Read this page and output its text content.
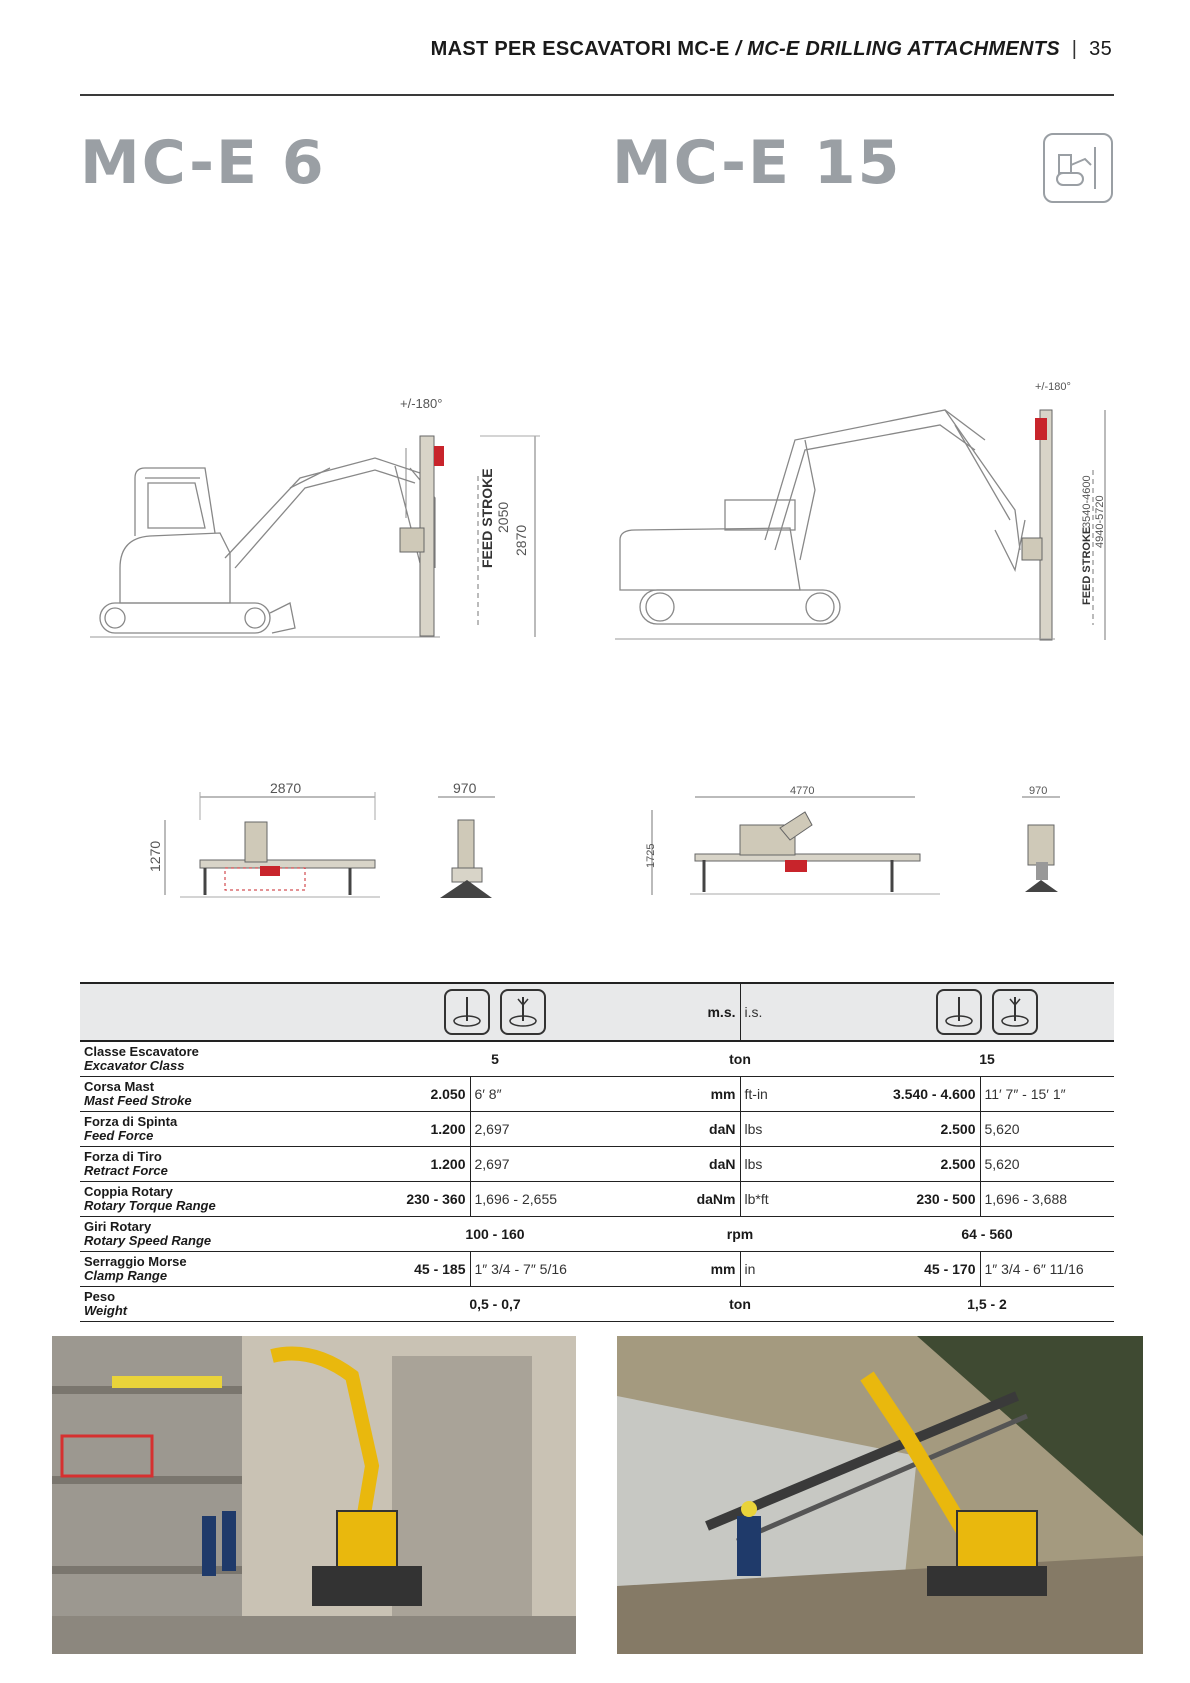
MAST PER ESCAVATORI MC-E / MC-E DRILLING ATTACHMENTS | 35
MC-E 6	MC-E 15
+/-180°
FEED STROKE 2050
2870
+/-180°
FEED STROKE
3540-4600 4940-5720
2870
1270
970	4770
1725
970
		m.s.	i.s.	

Classe Escavatore
Excavator Class	5		ton		15	

Corsa Mast
Mast Feed Stroke	2.050	6′ 8″	mm	ft-in	3.540 - 4.600	11′ 7″ - 15′ 1″

Forza di Spinta
Feed Force	1.200	2,697	daN	lbs	2.500	5,620

Forza di Tiro
Retract Force	1.200	2,697	daN	lbs	2.500	5,620

Coppia Rotary
Rotary Torque Range	230 - 360	1,696 - 2,655	daNm	lb*ft	230 - 500	1,696 - 3,688

Giri Rotary
Rotary Speed Range	100 - 160		rpm		64 - 560	

Serraggio Morse
Clamp Range	45 - 185	1″ 3/4 - 7″ 5/16	mm	in	45 - 170	1″ 3/4 - 6″ 11/16

Peso
Weight	0,5 - 0,7		ton		1,5 - 2	
